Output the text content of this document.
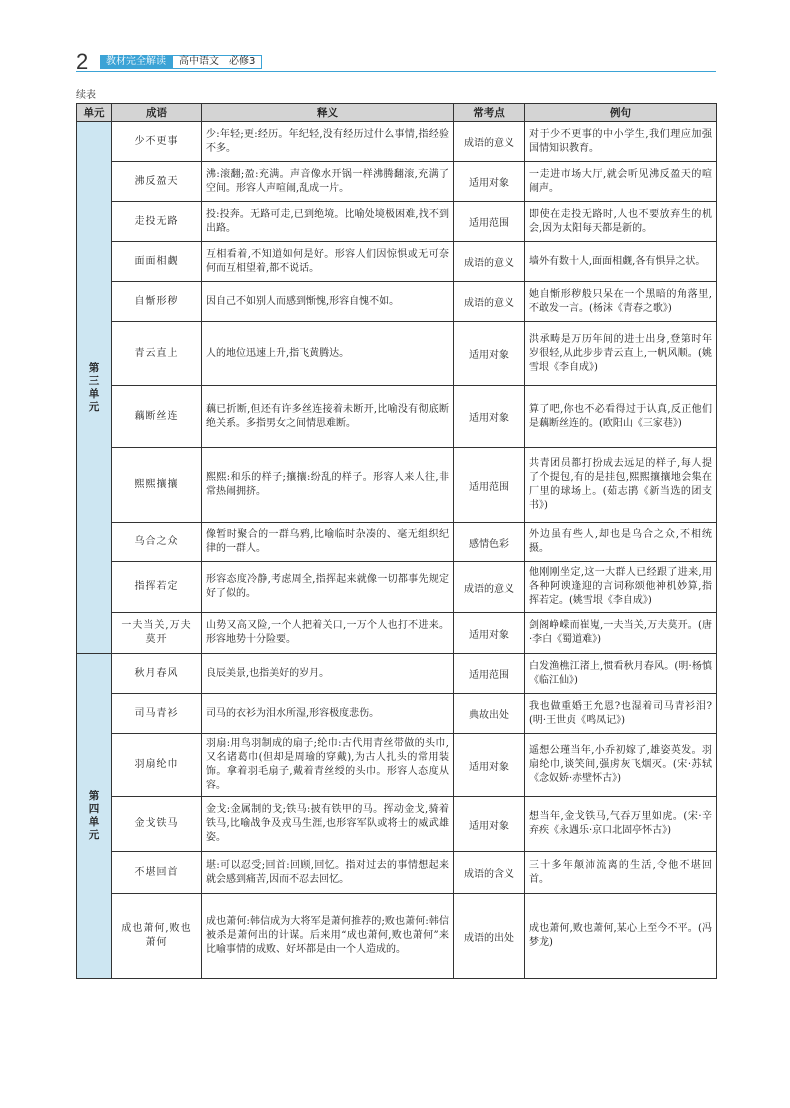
2	教材完全解读	高中语文 必修3
续表
单元	成语	释义	常考点	例句
第三单元	少不更事	少:年轻;更:经历。年纪轻,没有经历过什么事情,指经验不多。	成语的意义	对于少不更事的中小学生,我们理应加强国情知识教育。
	沸反盈天	沸:滚翻;盈:充满。声音像水开锅一样沸腾翻滚,充满了空间。形容人声喧闹,乱成一片。	适用对象	一走进市场大厅,就会听见沸反盈天的喧闹声。
	走投无路	投:投奔。无路可走,已到绝境。比喻处境极困难,找不到出路。	适用范围	即使在走投无路时,人也不要放弃生的机会,因为太阳每天都是新的。
	面面相觑	互相看着,不知道如何是好。形容人们因惊惧或无可奈何而互相望着,都不说话。	成语的意义	墙外有数十人,面面相觑,各有惧异之状。
	自惭形秽	因自己不如别人而感到惭愧,形容自愧不如。	成语的意义	她自惭形秽般只呆在一个黑暗的角落里,不敢发一言。(杨沫《青春之歌》)
	青云直上	人的地位迅速上升,指飞黄腾达。	适用对象	洪承畴是万历年间的进士出身,登第时年岁很轻,从此步步青云直上,一帆风顺。(姚雪垠《李自成》)
	藕断丝连	藕已折断,但还有许多丝连接着未断开,比喻没有彻底断绝关系。多指男女之间情思难断。	适用对象	算了吧,你也不必看得过于认真,反正他们是藕断丝连的。(欧阳山《三家巷》)
	熙熙攘攘	熙熙:和乐的样子;攘攘:纷乱的样子。形容人来人往,非常热闹拥挤。	适用范围	共青团员都打扮成去远足的样子,每人提了个提包,有的是挂包,熙熙攘攘地会集在厂里的球场上。(茹志鹃《新当选的团支书》)
	乌合之众	像暂时聚合的一群乌鸦,比喻临时杂凑的、毫无组织纪律的一群人。	感情色彩	外边虽有些人,却也是乌合之众,不相统摄。
	指挥若定	形容态度冷静,考虑周全,指挥起来就像一切都事先规定好了似的。	成语的意义	他刚刚坐定,这一大群人已经跟了进来,用各种阿谀逢迎的言词称颂他神机妙算,指挥若定。(姚雪垠《李自成》)
	一夫当关,万夫莫开	山势又高又险,一个人把着关口,一万个人也打不进来。形容地势十分险要。	适用对象	剑阁峥嵘而崔嵬,一夫当关,万夫莫开。(唐·李白《蜀道难》)
第四单元	秋月春风	良辰美景,也指美好的岁月。	适用范围	白发渔樵江渚上,惯看秋月春风。(明·杨慎《临江仙》)
	司马青衫	司马的衣衫为泪水所湿,形容极度悲伤。	典故出处	我也做重婚王允恩?也湿着司马青衫泪?(明·王世贞《鸣凤记》)
	羽扇纶巾	羽扇:用鸟羽制成的扇子;纶巾:古代用青丝带做的头巾,又名诸葛巾(但却是周瑜的穿戴),为古人扎头的常用装饰。拿着羽毛扇子,戴着青丝绶的头巾。形容人态度从容。	适用对象	遥想公瑾当年,小乔初嫁了,雄姿英发。羽扇纶巾,谈笑间,强虏灰飞烟灭。(宋·苏轼《念奴娇·赤壁怀古》)
	金戈铁马	金戈:金属制的戈;铁马:披有铁甲的马。挥动金戈,骑着铁马,比喻战争及戎马生涯,也形容军队或将士的威武雄姿。	适用对象	想当年,金戈铁马,气吞万里如虎。(宋·辛弃疾《永遇乐·京口北固亭怀古》)
	不堪回首	堪:可以忍受;回首:回顾,回忆。指对过去的事情想起来就会感到痛苦,因而不忍去回忆。	成语的含义	三十多年颠沛流离的生活,令他不堪回首。
	成也萧何,败也萧何	成也萧何:韩信成为大将军是萧何推荐的;败也萧何:韩信被杀是萧何出的计谋。后来用“成也萧何,败也萧何”来比喻事情的成败、好坏都是由一个人造成的。	成语的出处	成也萧何,败也萧何,某心上至今不平。(冯梦龙)
